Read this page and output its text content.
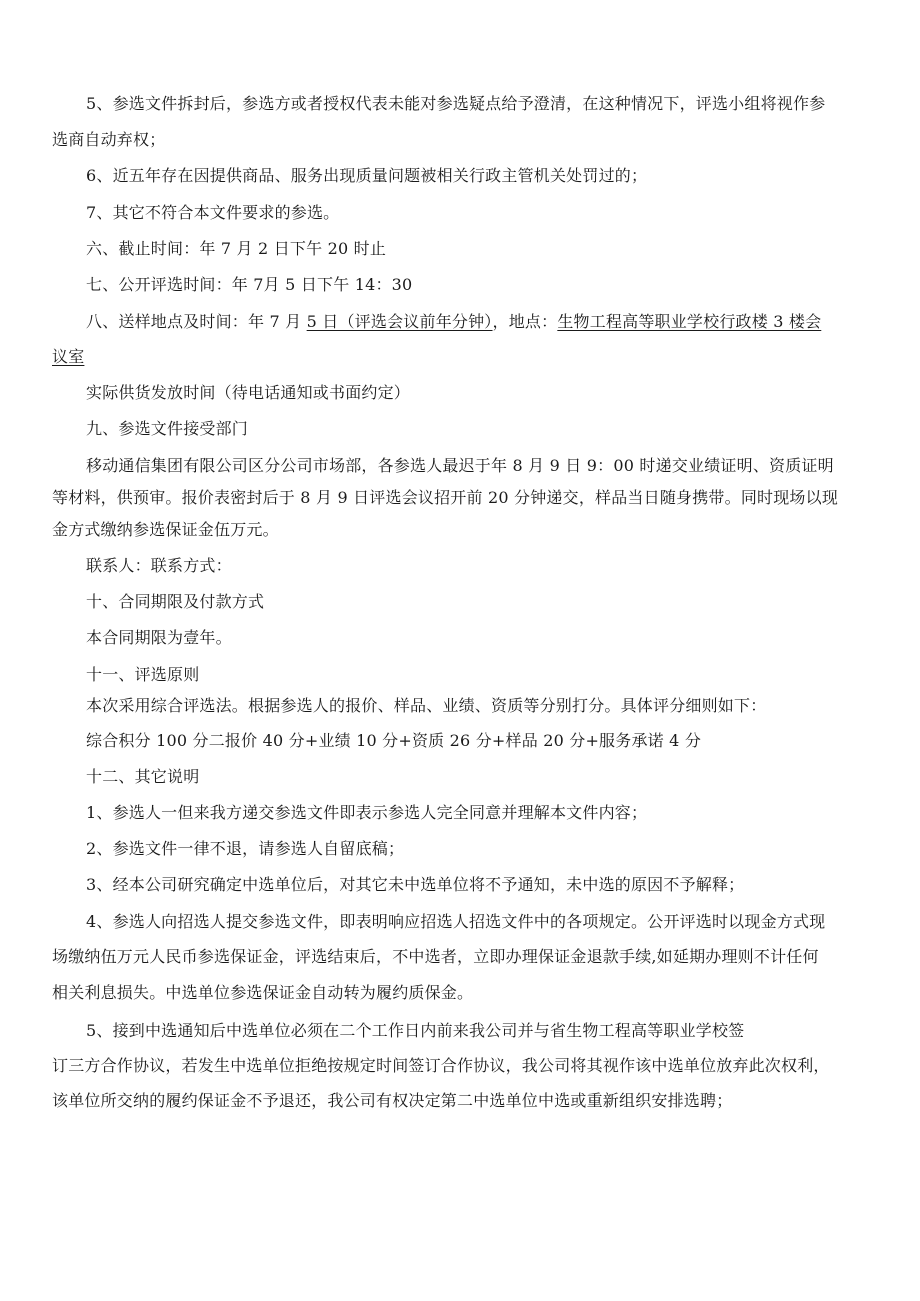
5、参选文件拆封后，参选方或者授权代表未能对参选疑点给予澄清，在这种情况下，评选小组将视作参
选商自动弃权；
6、近五年存在因提供商品、服务出现质量问题被相关行政主管机关处罚过的；
7、其它不符合本文件要求的参选。
六、截止时间：年 7 月 2 日下午 20 时止
七、公开评选时间：年 7月 5 日下午 14：30
八、送样地点及时间：年 7 月 5 日（评选会议前年分钟），地点：生物工程高等职业学校行政楼 3 楼会
议室
实际供货发放时间（待电话通知或书面约定）
九、参选文件接受部门
移动通信集团有限公司区分公司市场部，各参选人最迟于年 8 月 9 日 9：00 时递交业绩证明、资质证明
等材料，供预审。报价表密封后于 8 月 9 日评选会议招开前 20 分钟递交，样品当日随身携带。同时现场以现
金方式缴纳参选保证金伍万元。
联系人：联系方式：
十、合同期限及付款方式
本合同期限为壹年。
十一、评选原则
本次采用综合评选法。根据参选人的报价、样品、业绩、资质等分别打分。具体评分细则如下：
综合积分 100 分二报价 40 分+业绩 10 分+资质 26 分+样品 20 分+服务承诺 4 分
十二、其它说明
1、参选人一但来我方递交参选文件即表示参选人完全同意并理解本文件内容；
2、参选文件一律不退，请参选人自留底稿；
3、经本公司研究确定中选单位后，对其它未中选单位将不予通知，未中选的原因不予解释；
4、参选人向招选人提交参选文件，即表明响应招选人招选文件中的各项规定。公开评选时以现金方式现
场缴纳伍万元人民币参选保证金，评选结束后，不中选者，立即办理保证金退款手续,如延期办理则不计任何
相关利息损失。中选单位参选保证金自动转为履约质保金。
5、接到中选通知后中选单位必须在二个工作日内前来我公司并与省生物工程高等职业学校签
订三方合作协议，若发生中选单位拒绝按规定时间签订合作协议，我公司将其视作该中选单位放弃此次权利，
该单位所交纳的履约保证金不予退还，我公司有权决定第二中选单位中选或重新组织安排选聘；
